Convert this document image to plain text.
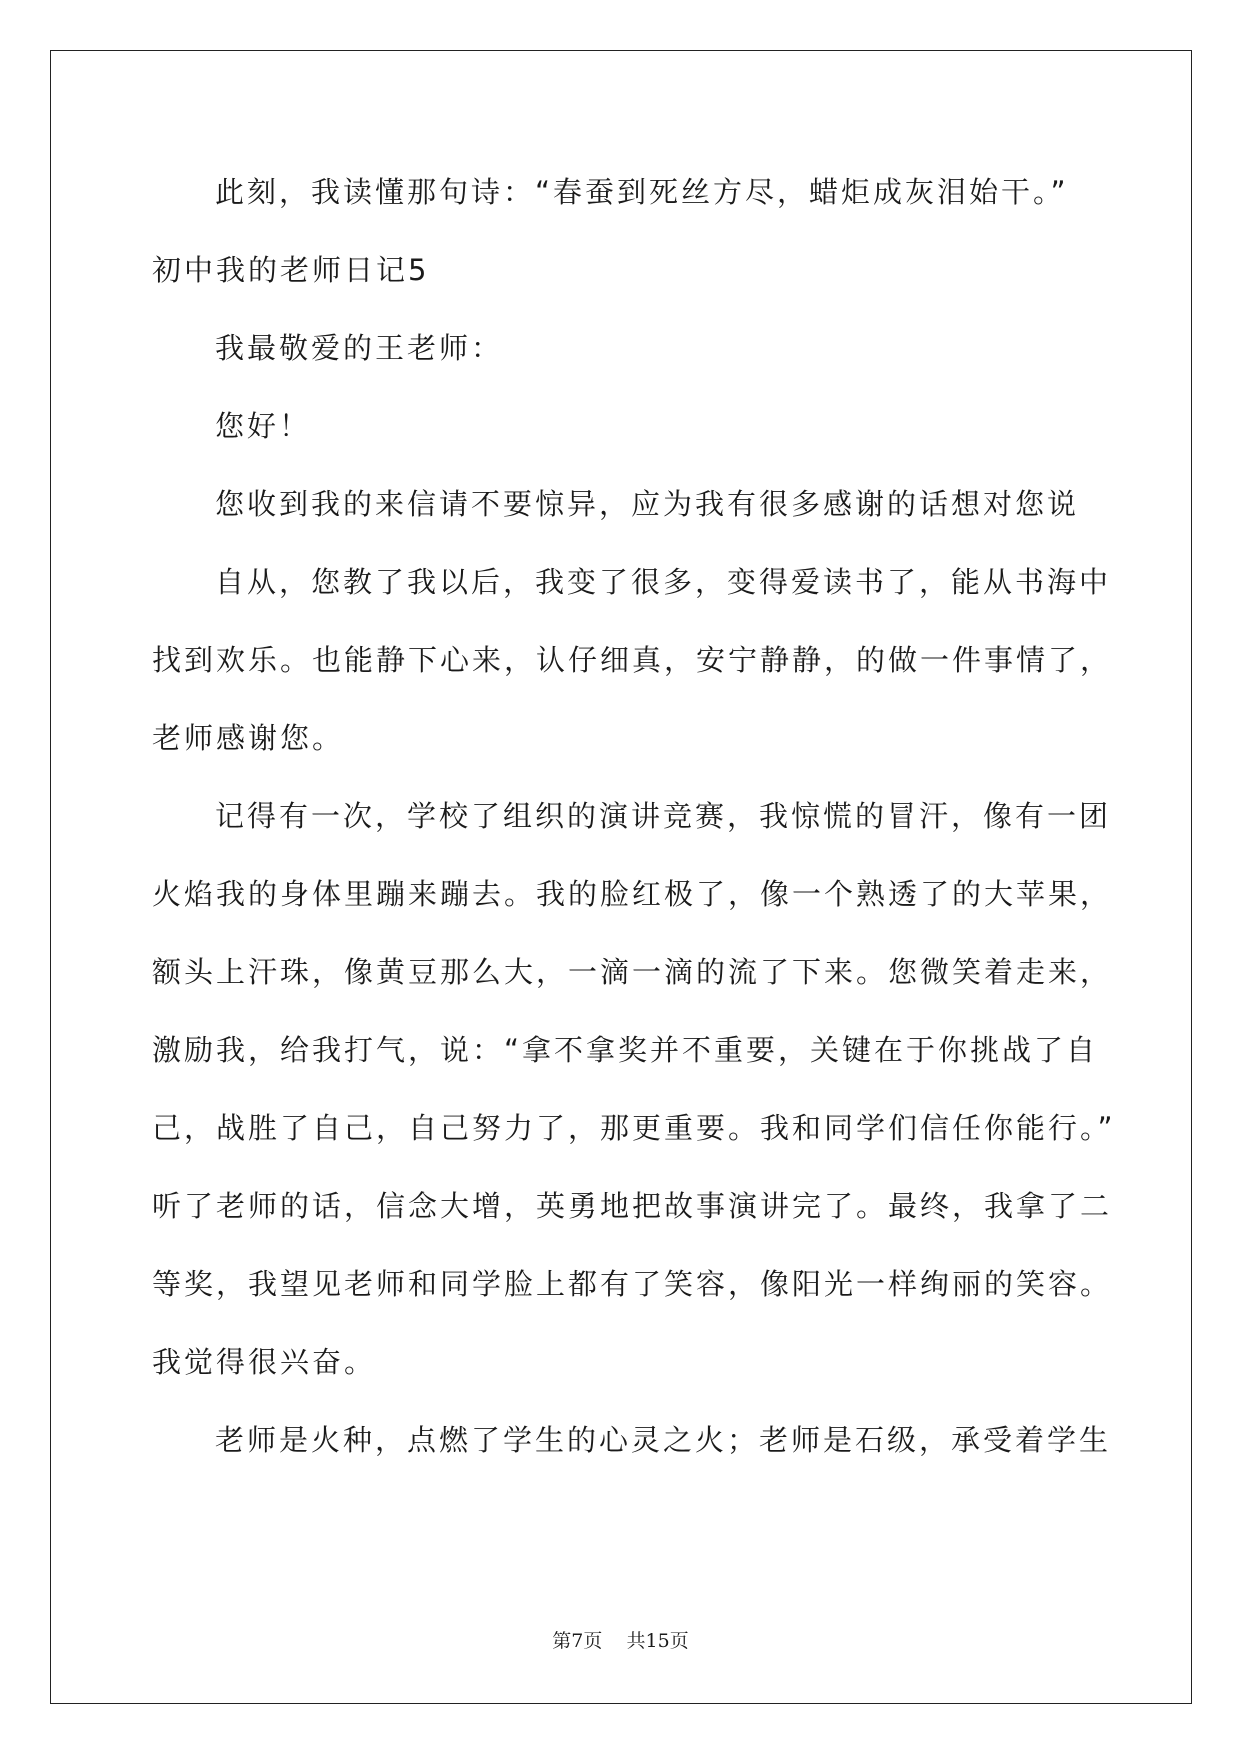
此刻，我读懂那句诗：“春蚕到死丝方尽，蜡炬成灰泪始干。”
初中我的老师日记5
我最敬爱的王老师：
您好！
您收到我的来信请不要惊异，应为我有很多感谢的话想对您说
自从，您教了我以后，我变了很多，变得爱读书了，能从书海中
找到欢乐。也能静下心来，认仔细真，安宁静静，的做一件事情了，
老师感谢您。
记得有一次，学校了组织的演讲竞赛，我惊慌的冒汗，像有一团
火焰我的身体里蹦来蹦去。我的脸红极了，像一个熟透了的大苹果，
额头上汗珠，像黄豆那么大，一滴一滴的流了下来。您微笑着走来，
激励我，给我打气，说：“拿不拿奖并不重要，关键在于你挑战了自
己，战胜了自己，自己努力了，那更重要。我和同学们信任你能行。”
听了老师的话，信念大增，英勇地把故事演讲完了。最终，我拿了二
等奖，我望见老师和同学脸上都有了笑容，像阳光一样绚丽的笑容。
我觉得很兴奋。
老师是火种，点燃了学生的心灵之火；老师是石级，承受着学生
第7页    共15页
